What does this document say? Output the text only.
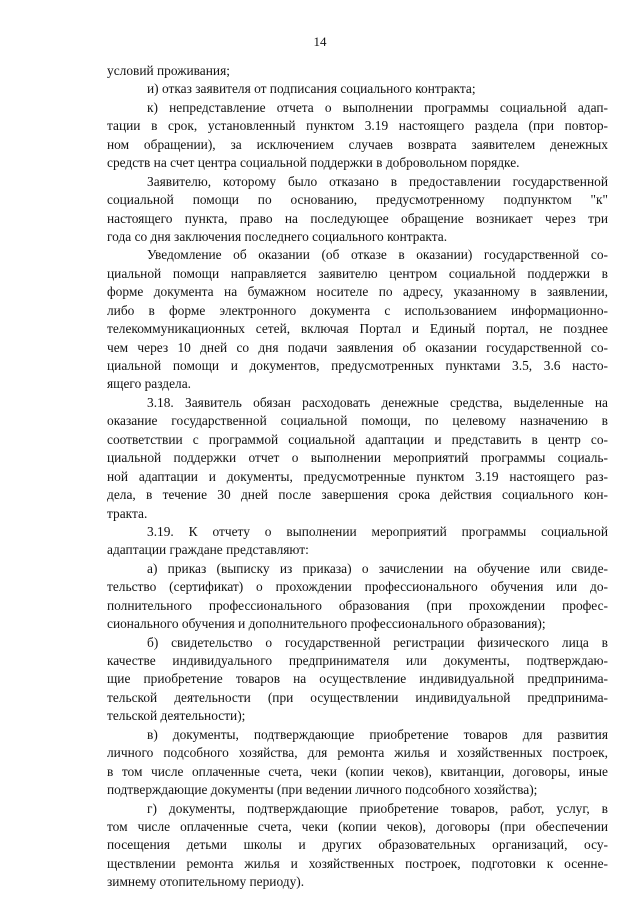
14
условий проживания;
и) отказ заявителя от подписания социального контракта;
к) непредставление отчета о выполнении программы социальной адап-
тации в срок, установленный пунктом 3.19 настоящего раздела (при повтор-
ном обращении), за исключением случаев возврата заявителем денежных
средств на счет центра социальной поддержки в добровольном порядке.
Заявителю, которому было отказано в предоставлении государственной
социальной помощи по основанию, предусмотренному подпунктом "к"
настоящего пункта, право на последующее обращение возникает через три
года со дня заключения последнего социального контракта.
Уведомление об оказании (об отказе в оказании) государственной со-
циальной помощи направляется заявителю центром социальной поддержки в
форме документа на бумажном носителе по адресу, указанному в заявлении,
либо в форме электронного документа с использованием информационно-
телекоммуникационных сетей, включая Портал и Единый портал, не позднее
чем через 10 дней со дня подачи заявления об оказании государственной со-
циальной помощи и документов, предусмотренных пунктами 3.5, 3.6 насто-
ящего раздела.
3.18. Заявитель обязан расходовать денежные средства, выделенные на
оказание государственной социальной помощи, по целевому назначению в
соответствии с программой социальной адаптации и представить в центр со-
циальной поддержки отчет о выполнении мероприятий программы социаль-
ной адаптации и документы, предусмотренные пунктом 3.19 настоящего раз-
дела, в течение 30 дней после завершения срока действия социального кон-
тракта.
3.19. К отчету о выполнении мероприятий программы социальной
адаптации граждане представляют:
а) приказ (выписку из приказа) о зачислении на обучение или свиде-
тельство (сертификат) о прохождении профессионального обучения или до-
полнительного профессионального образования (при прохождении профес-
сионального обучения и дополнительного профессионального образования);
б) свидетельство о государственной регистрации физического лица в
качестве индивидуального предпринимателя или документы, подтверждаю-
щие приобретение товаров на осуществление индивидуальной предпринима-
тельской деятельности (при осуществлении индивидуальной предпринима-
тельской деятельности);
в) документы, подтверждающие приобретение товаров для развития
личного подсобного хозяйства, для ремонта жилья и хозяйственных построек,
в том числе оплаченные счета, чеки (копии чеков), квитанции, договоры, иные
подтверждающие документы (при ведении личного подсобного хозяйства);
г) документы, подтверждающие приобретение товаров, работ, услуг, в
том числе оплаченные счета, чеки (копии чеков), договоры (при обеспечении
посещения детьми школы и других образовательных организаций, осу-
ществлении ремонта жилья и хозяйственных построек, подготовки к осенне-
зимнему отопительному периоду).
